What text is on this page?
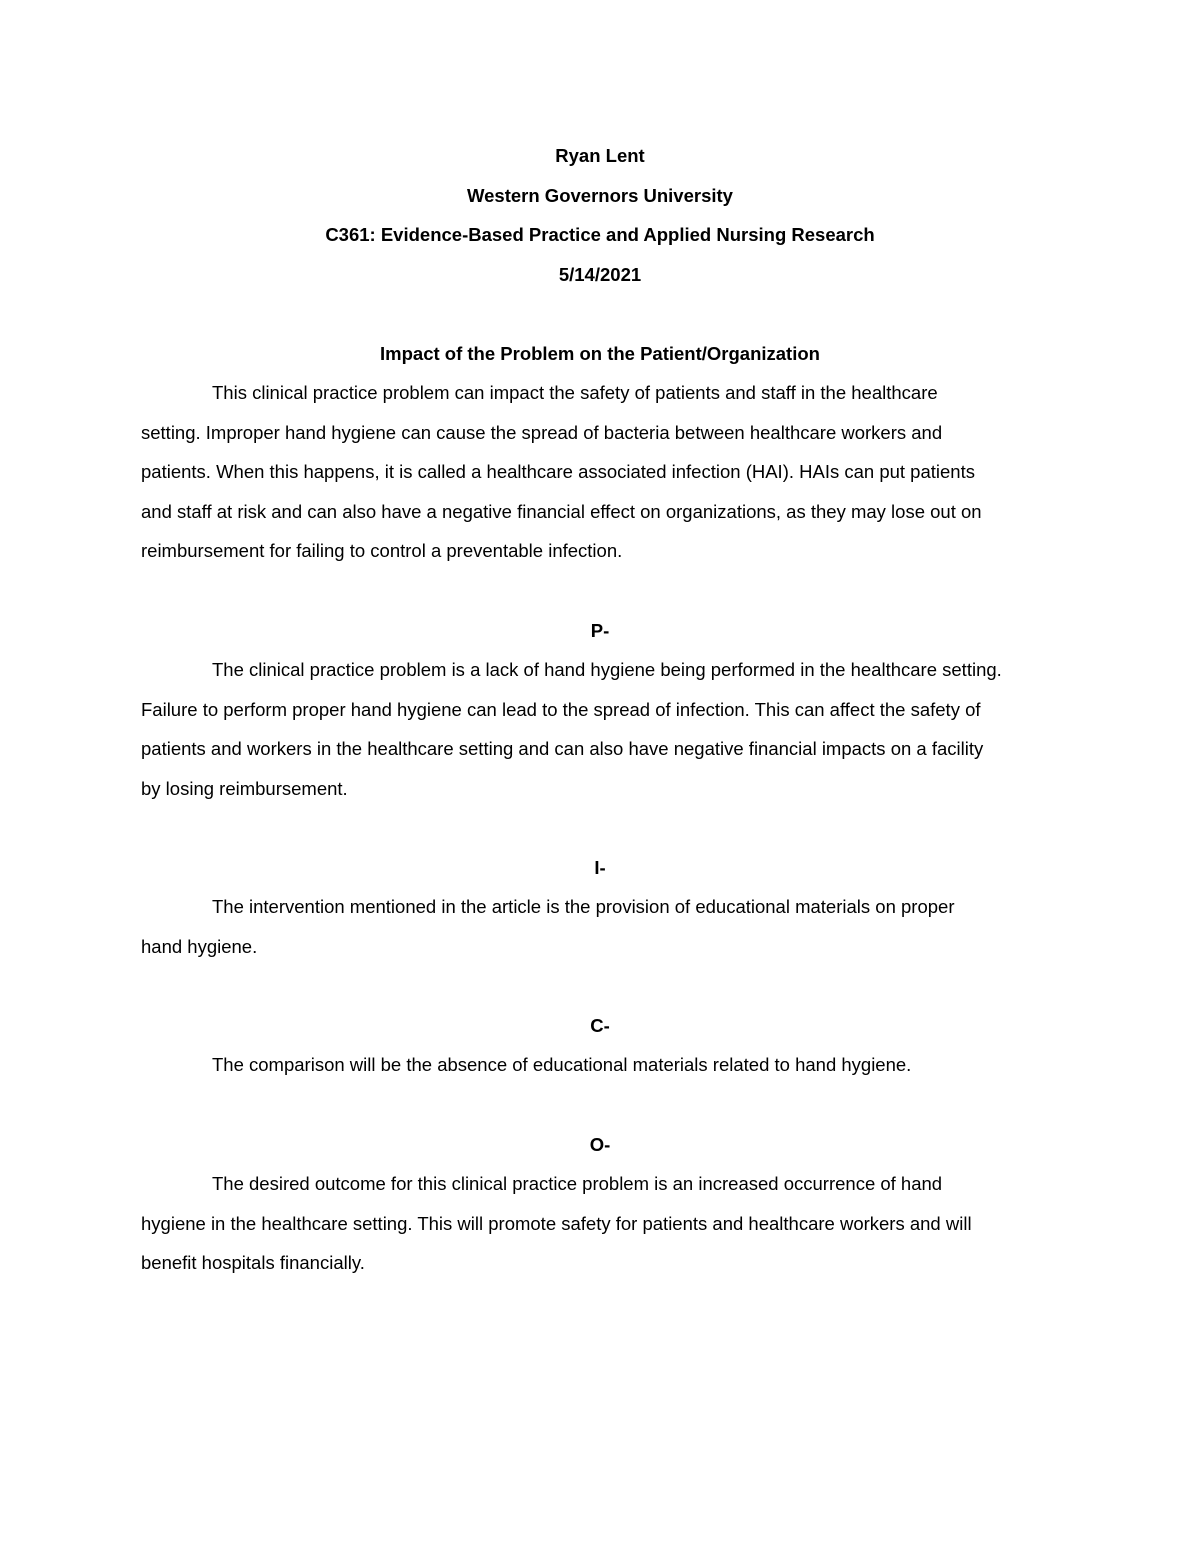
Ryan Lent
Western Governors University
C361: Evidence-Based Practice and Applied Nursing Research
5/14/2021
Impact of the Problem on the Patient/Organization
This clinical practice problem can impact the safety of patients and staff in the healthcare
setting. Improper hand hygiene can cause the spread of bacteria between healthcare workers and
patients. When this happens, it is called a healthcare associated infection (HAI). HAIs can put patients
and staff at risk and can also have a negative financial effect on organizations, as they may lose out on
reimbursement for failing to control a preventable infection.
P-
The clinical practice problem is a lack of hand hygiene being performed in the healthcare setting.
Failure to perform proper hand hygiene can lead to the spread of infection. This can affect the safety of
patients and workers in the healthcare setting and can also have negative financial impacts on a facility
by losing reimbursement.
I-
The intervention mentioned in the article is the provision of educational materials on proper
hand hygiene.
C-
The comparison will be the absence of educational materials related to hand hygiene.
O-
The desired outcome for this clinical practice problem is an increased occurrence of hand
hygiene in the healthcare setting. This will promote safety for patients and healthcare workers and will
benefit hospitals financially.
